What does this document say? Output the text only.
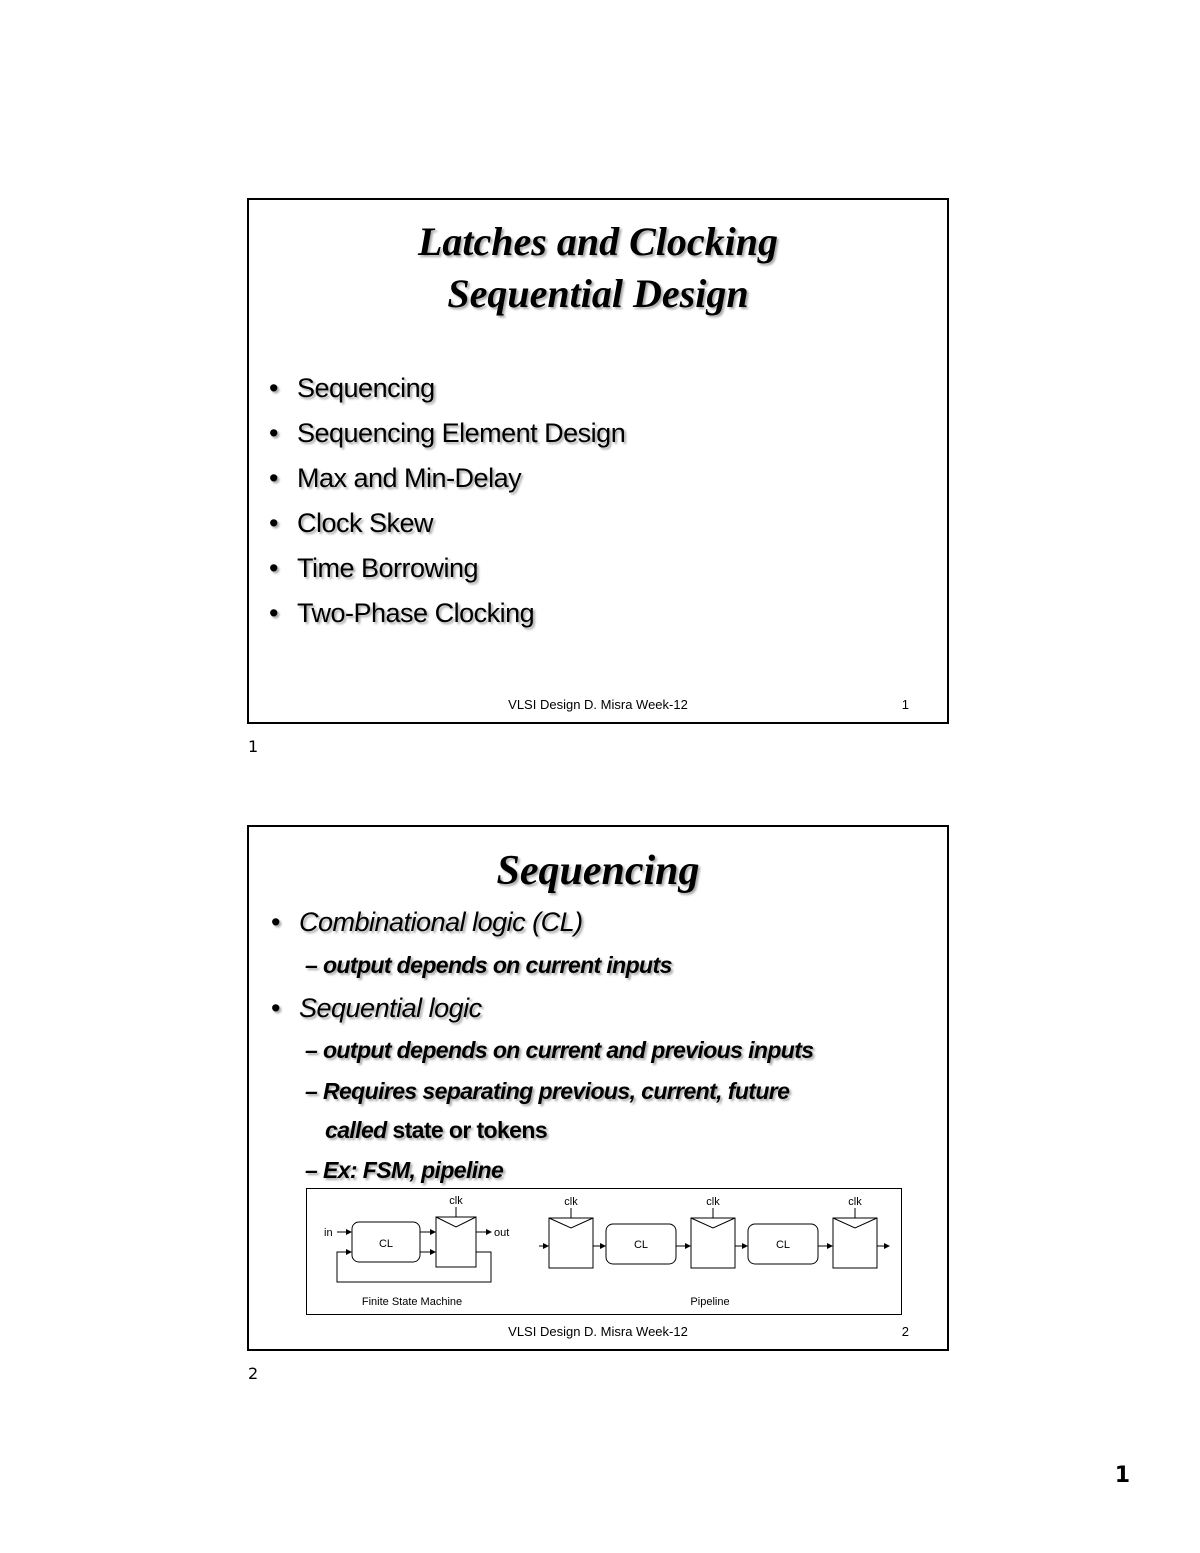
Latches and Clocking
Sequential Design
• Sequencing
• Sequencing Element Design
• Max and Min-Delay
• Clock Skew
• Time Borrowing
• Two-Phase Clocking
VLSI Design D. Misra Week-12	1
1
Sequencing
• Combinational logic (CL)
– output depends on current inputs
• Sequential logic
– output depends on current and previous inputs
– Requires separating previous, current, future
called state or tokens
– Ex: FSM, pipeline
in
CL
clk
out
Finite State Machine
clk
CL
clk
CL
clk
Pipeline
VLSI Design D. Misra Week-12	2
2
1
